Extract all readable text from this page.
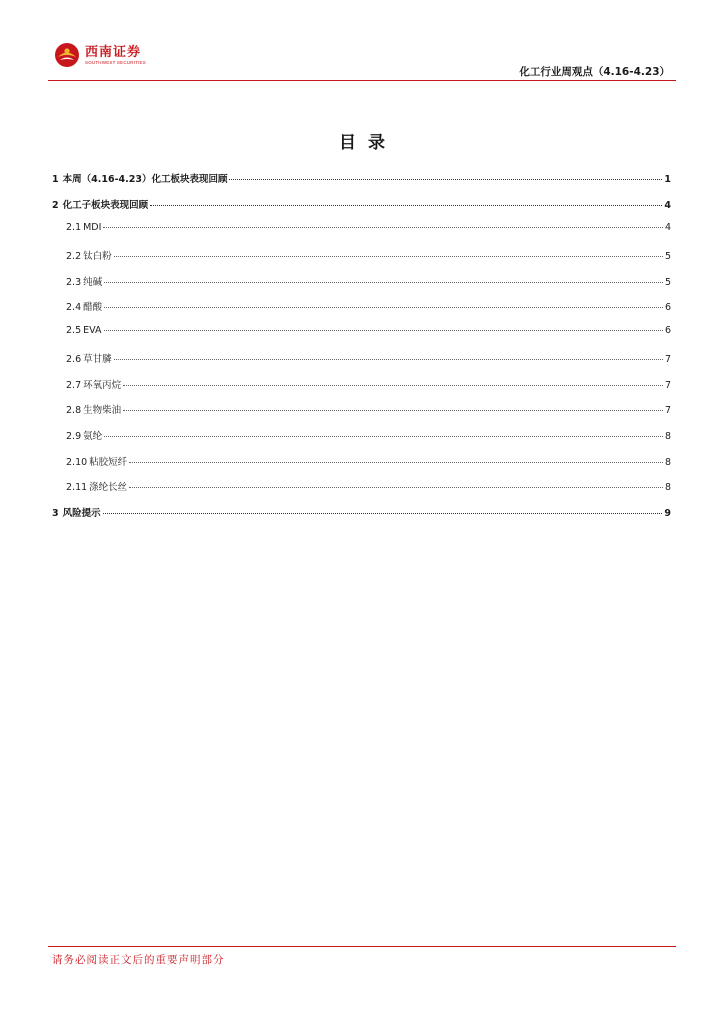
西南证券
SOUTHWEST SECURITIES
化工行业周观点（4.16-4.23）
目录
1 本周（4.16-4.23）化工板块表现回顾	1
2 化工子板块表现回顾	4
2.1 MDI	4
2.2 钛白粉	5
2.3 纯碱	5
2.4 醋酸	6
2.5 EVA	6
2.6 草甘膦	7
2.7 环氧丙烷	7
2.8 生物柴油	7
2.9 氨纶	8
2.10 粘胶短纤	8
2.11 涤纶长丝	8
3 风险提示	9
请务必阅读正文后的重要声明部分
